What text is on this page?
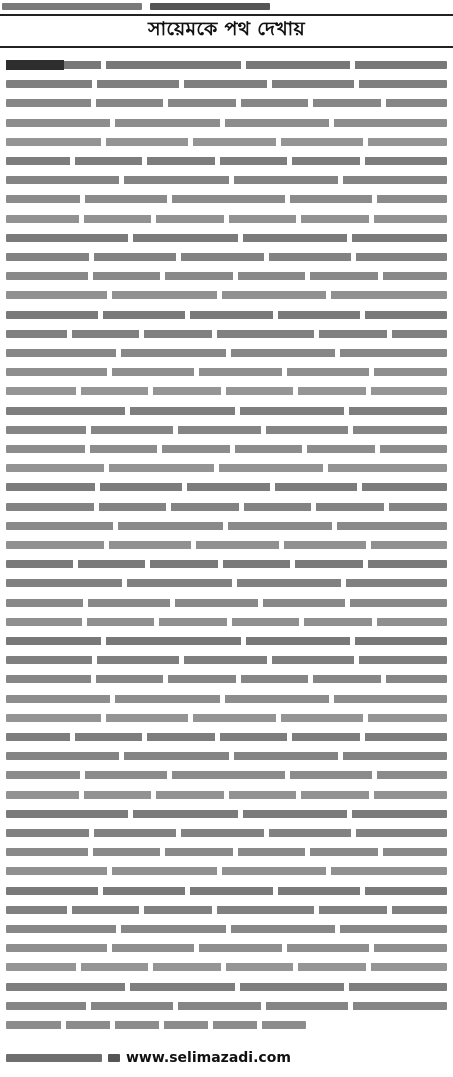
সায়েমকে পথ দেখায়
www.selimazadi.com
